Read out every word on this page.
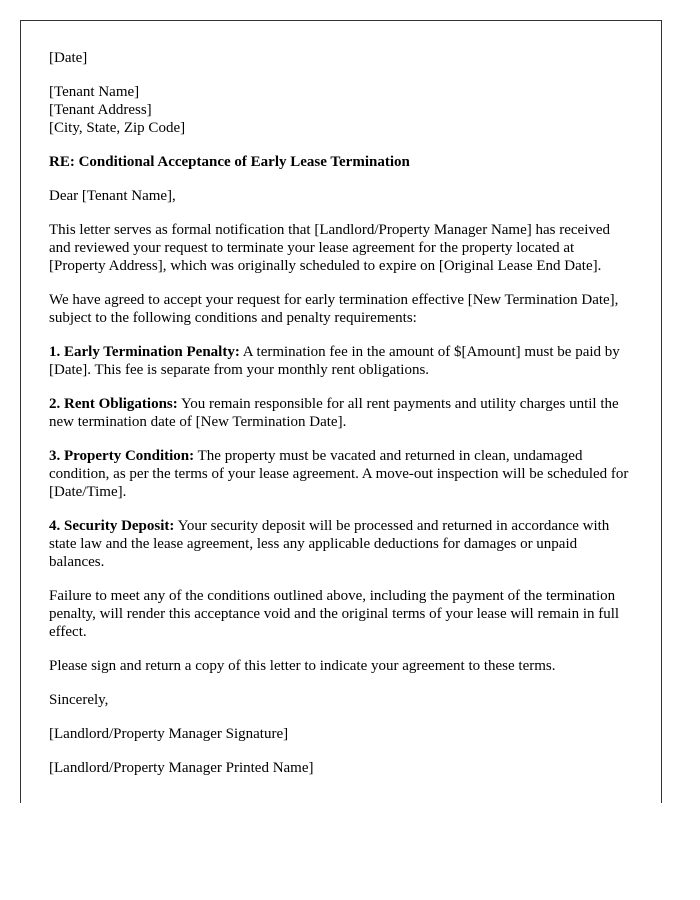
[Date]

[Tenant Name]
[Tenant Address]
[City, State, Zip Code]

RE: Conditional Acceptance of Early Lease Termination

Dear [Tenant Name],

This letter serves as formal notification that [Landlord/Property Manager Name] has received and reviewed your request to terminate your lease agreement for the property located at [Property Address], which was originally scheduled to expire on [Original Lease End Date].

We have agreed to accept your request for early termination effective [New Termination Date], subject to the following conditions and penalty requirements:

1. Early Termination Penalty: A termination fee in the amount of $[Amount] must be paid by [Date]. This fee is separate from your monthly rent obligations.

2. Rent Obligations: You remain responsible for all rent payments and utility charges until the new termination date of [New Termination Date].

3. Property Condition: The property must be vacated and returned in clean, undamaged condition, as per the terms of your lease agreement. A move-out inspection will be scheduled for [Date/Time].

4. Security Deposit: Your security deposit will be processed and returned in accordance with state law and the lease agreement, less any applicable deductions for damages or unpaid balances.

Failure to meet any of the conditions outlined above, including the payment of the termination penalty, will render this acceptance void and the original terms of your lease will remain in full effect.

Please sign and return a copy of this letter to indicate your agreement to these terms.

Sincerely,

[Landlord/Property Manager Signature]

[Landlord/Property Manager Printed Name]
